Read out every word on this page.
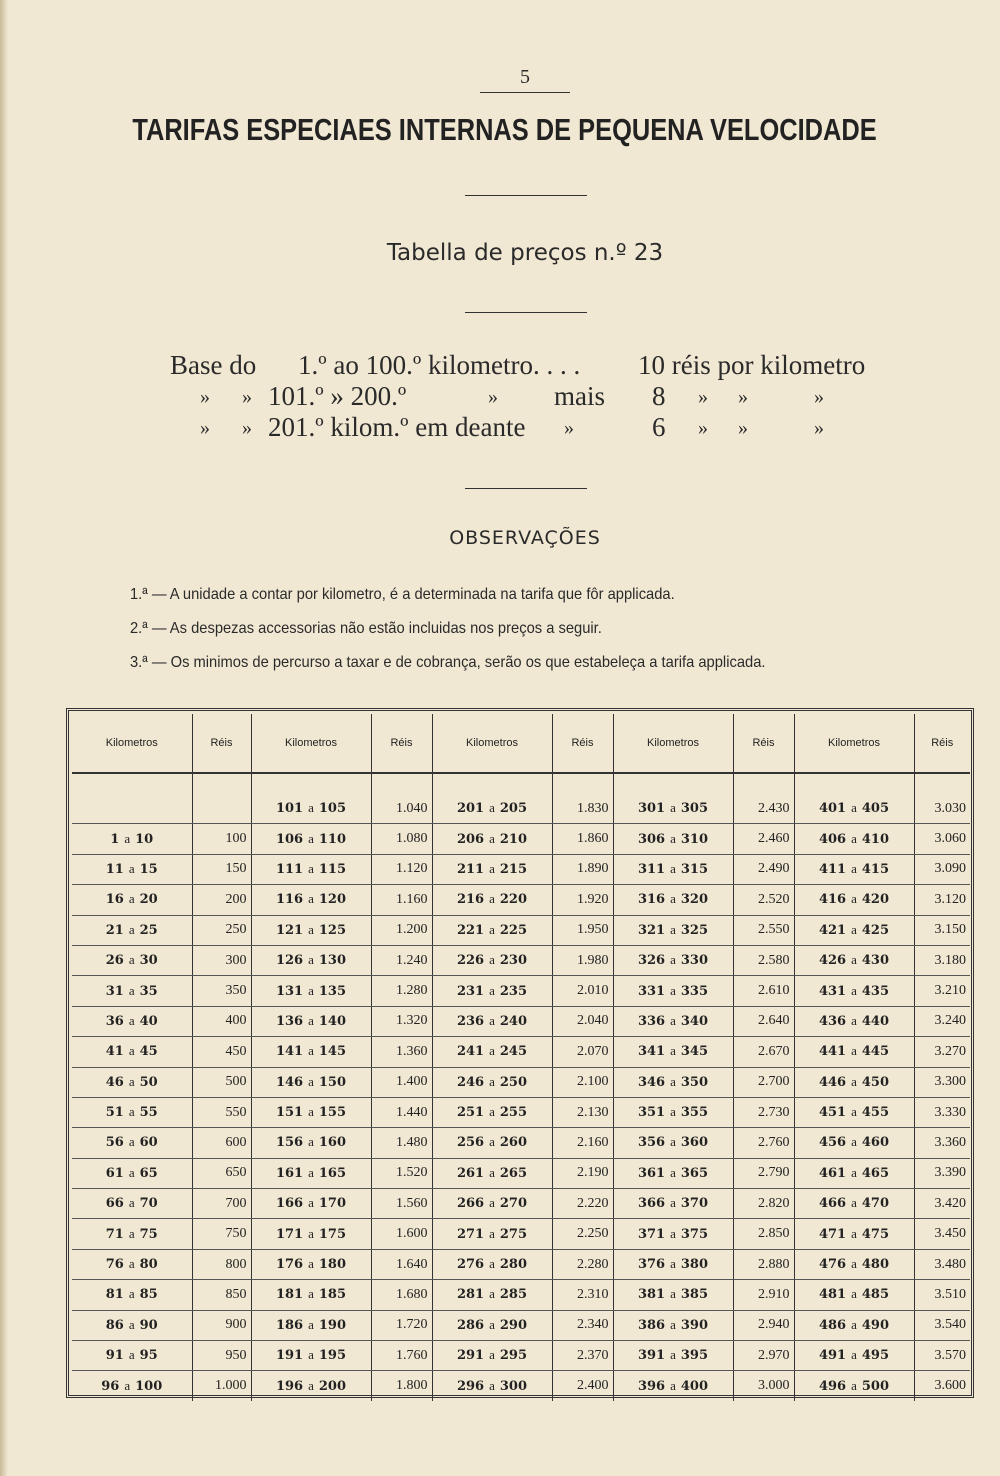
5
TARIFAS ESPECIAES INTERNAS DE PEQUENA VELOCIDADE
Tabella de preços n.º 23
Base do 1.º ao 100.º kilometro. . . . 10 réis por kilometro
» » 101.º » 200.º	» mais 8 » »	»
» » 201.º kilom.º em deante »	6 » »	»
OBSERVAÇÕES
1.ª — A unidade a contar por kilometro, é a determinada na tarifa que fôr applicada.
2.ª — As despezas accessorias não estão incluidas nos preços a seguir.
3.ª — Os minimos de percurso a taxar e de cobrança, serão os que estabeleça a tarifa applicada.
Kilometros	Réis	Kilometros	Réis	Kilometros	Réis	Kilometros	Réis	Kilometros	Réis

		101 a 105	1.040	201 a 205	1.830	301 a 305	2.430	401 a 405	3.030
1 a 10	100	106 a 110	1.080	206 a 210	1.860	306 a 310	2.460	406 a 410	3.060
11 a 15	150	111 a 115	1.120	211 a 215	1.890	311 a 315	2.490	411 a 415	3.090
16 a 20	200	116 a 120	1.160	216 a 220	1.920	316 a 320	2.520	416 a 420	3.120
21 a 25	250	121 a 125	1.200	221 a 225	1.950	321 a 325	2.550	421 a 425	3.150
26 a 30	300	126 a 130	1.240	226 a 230	1.980	326 a 330	2.580	426 a 430	3.180
31 a 35	350	131 a 135	1.280	231 a 235	2.010	331 a 335	2.610	431 a 435	3.210
36 a 40	400	136 a 140	1.320	236 a 240	2.040	336 a 340	2.640	436 a 440	3.240
41 a 45	450	141 a 145	1.360	241 a 245	2.070	341 a 345	2.670	441 a 445	3.270
46 a 50	500	146 a 150	1.400	246 a 250	2.100	346 a 350	2.700	446 a 450	3.300
51 a 55	550	151 a 155	1.440	251 a 255	2.130	351 a 355	2.730	451 a 455	3.330
56 a 60	600	156 a 160	1.480	256 a 260	2.160	356 a 360	2.760	456 a 460	3.360
61 a 65	650	161 a 165	1.520	261 a 265	2.190	361 a 365	2.790	461 a 465	3.390
66 a 70	700	166 a 170	1.560	266 a 270	2.220	366 a 370	2.820	466 a 470	3.420
71 a 75	750	171 a 175	1.600	271 a 275	2.250	371 a 375	2.850	471 a 475	3.450
76 a 80	800	176 a 180	1.640	276 a 280	2.280	376 a 380	2.880	476 a 480	3.480
81 a 85	850	181 a 185	1.680	281 a 285	2.310	381 a 385	2.910	481 a 485	3.510
86 a 90	900	186 a 190	1.720	286 a 290	2.340	386 a 390	2.940	486 a 490	3.540
91 a 95	950	191 a 195	1.760	291 a 295	2.370	391 a 395	2.970	491 a 495	3.570
96 a 100	1.000	196 a 200	1.800	296 a 300	2.400	396 a 400	3.000	496 a 500	3.600
